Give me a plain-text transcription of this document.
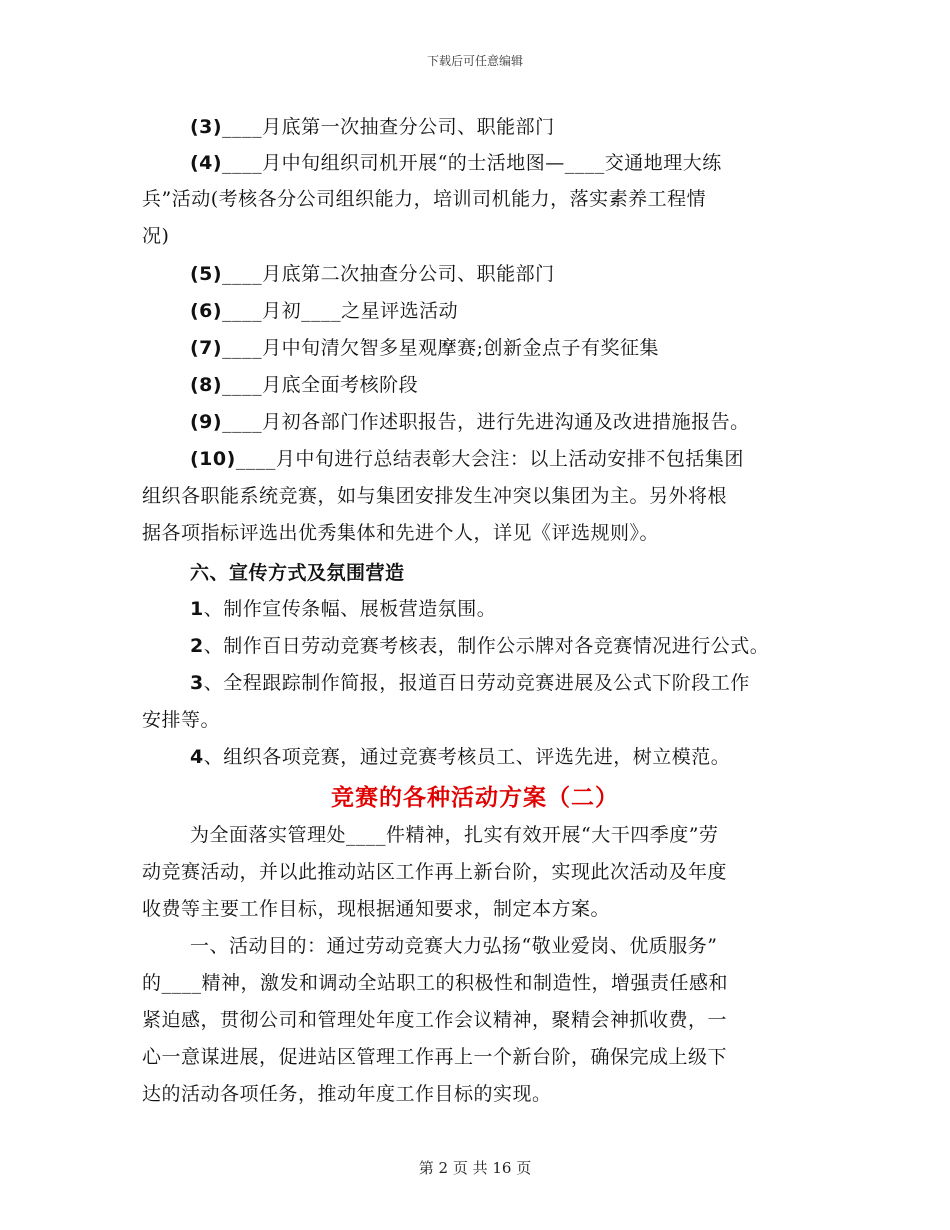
下载后可任意编辑
(3)____月底第一次抽查分公司、职能部门
(4)____月中旬组织司机开展“的士活地图—____交通地理大练
兵”活动(考核各分公司组织能力，培训司机能力，落实素养工程情
况)
(5)____月底第二次抽查分公司、职能部门
(6)____月初____之星评选活动
(7)____月中旬清欠智多星观摩赛;创新金点子有奖征集
(8)____月底全面考核阶段
(9)____月初各部门作述职报告，进行先进沟通及改进措施报告。
(10)____月中旬进行总结表彰大会注：以上活动安排不包括集团
组织各职能系统竞赛，如与集团安排发生冲突以集团为主。另外将根
据各项指标评选出优秀集体和先进个人，详见《评选规则》。
六、宣传方式及氛围营造
1、制作宣传条幅、展板营造氛围。
2、制作百日劳动竞赛考核表，制作公示牌对各竞赛情况进行公式。
3、全程跟踪制作简报，报道百日劳动竞赛进展及公式下阶段工作
安排等。
4、组织各项竞赛，通过竞赛考核员工、评选先进，树立模范。
竞赛的各种活动方案（二）
为全面落实管理处____件精神，扎实有效开展“大干四季度”劳
动竞赛活动，并以此推动站区工作再上新台阶，实现此次活动及年度
收费等主要工作目标，现根据通知要求，制定本方案。
一、活动目的：通过劳动竞赛大力弘扬“敬业爱岗、优质服务”
的____精神，激发和调动全站职工的积极性和制造性，增强责任感和
紧迫感，贯彻公司和管理处年度工作会议精神，聚精会神抓收费，一
心一意谋进展，促进站区管理工作再上一个新台阶，确保完成上级下
达的活动各项任务，推动年度工作目标的实现。
第 2 页 共 16 页
